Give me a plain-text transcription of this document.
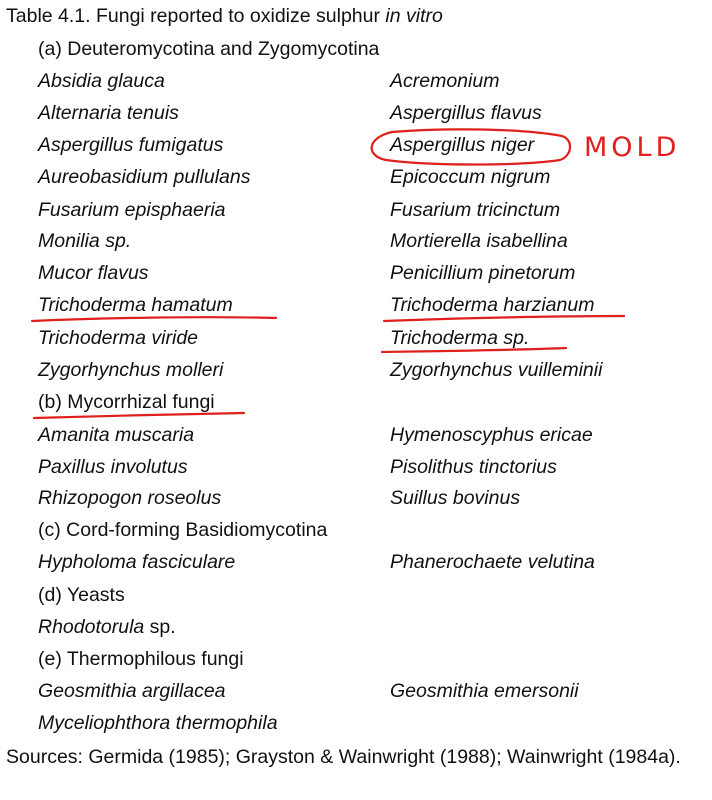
Table 4.1. Fungi reported to oxidize sulphur in vitro
(a) Deuteromycotina and Zygomycotina
Absidia glauca	Acremonium
Alternaria tenuis	Aspergillus flavus
Aspergillus fumigatus	Aspergillus niger
Aureobasidium pullulans	Epicoccum nigrum
Fusarium episphaeria	Fusarium tricinctum
Monilia sp.	Mortierella isabellina
Mucor flavus	Penicillium pinetorum
Trichoderma hamatum	Trichoderma harzianum
Trichoderma viride	Trichoderma sp.
Zygorhynchus molleri	Zygorhynchus vuilleminii
(b) Mycorrhizal fungi
Amanita muscaria	Hymenoscyphus ericae
Paxillus involutus	Pisolithus tinctorius
Rhizopogon roseolus	Suillus bovinus
(c) Cord-forming Basidiomycotina
Hypholoma fasciculare	Phanerochaete velutina
(d) Yeasts
Rhodotorula sp.
(e) Thermophilous fungi
Geosmithia argillacea	Geosmithia emersonii
Myceliophthora thermophila
Sources: Germida (1985); Grayston & Wainwright (1988); Wainwright (1984a).
MOLD
